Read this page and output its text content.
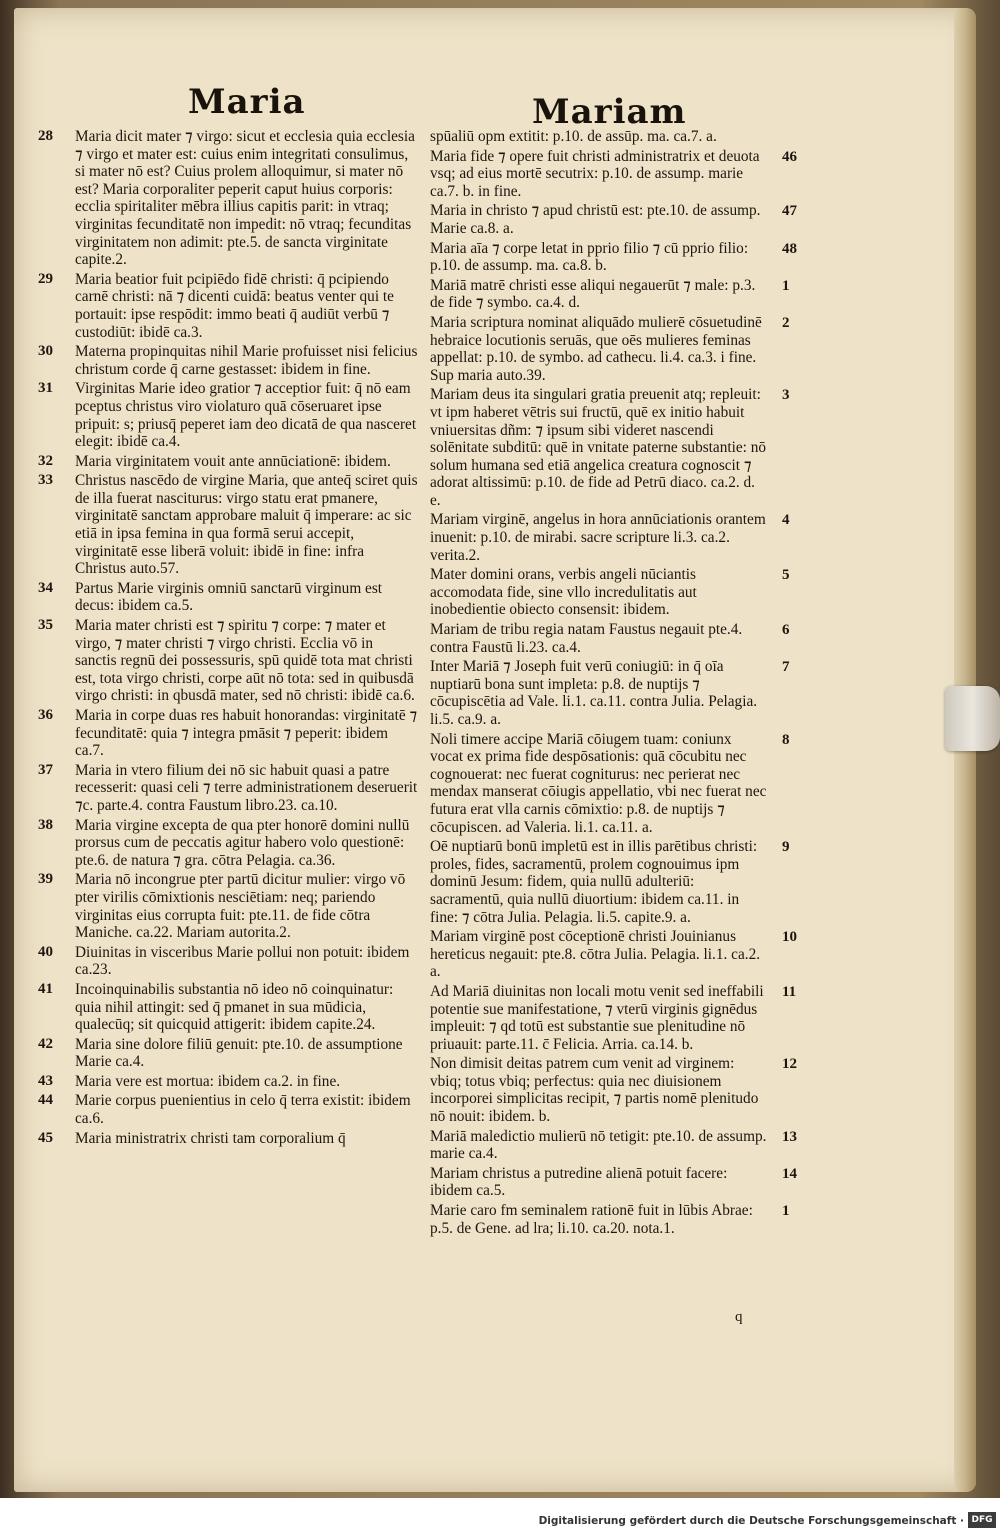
Maria	Mariam
28 Maria dicit mater ⁊ virgo: sicut et ecclesia quia ecclesia ⁊ virgo et mater est: cuius enim integritati consulimus, si mater nō est? Cuius prolem alloquimur, si mater nō est? Maria corporaliter peperit caput huius corporis: ecclia spiritaliter mēbra illius capitis parit: in vtraq; virginitas fecunditatē non impedit: nō vtraq; fecunditas virginitatem non adimit: pte.5. de sancta virginitate capite.2.
29 Maria beatior fuit pcipiēdo fidē christi: q̄ pcipiendo carnē christi: nā ⁊ dicenti cuidā: beatus venter qui te portauit: ipse respōdit: immo beati q̄ audiūt verbū ⁊ custodiūt: ibidē ca.3.
30 Materna propinquitas nihil Marie profuisset nisi felicius christum corde q̄ carne gestasset: ibidem in fine.
31 Virginitas Marie ideo gratior ⁊ acceptior fuit: q̄ nō eam pceptus christus viro violaturo quā cōseruaret ipse pripuit: s; priusq̄ peperet iam deo dicatā de qua nasceret elegit: ibidē ca.4.
32 Maria virginitatem vouit ante annūciationē: ibidem.
33 Christus nascēdo de virgine Maria, que anteq̄ sciret quis de illa fuerat nasciturus: virgo statu erat pmanere, virginitatē sanctam approbare maluit q̄ imperare: ac sic etiā in ipsa femina in qua formā serui accepit, virginitatē esse liberā voluit: ibidē in fine: infra Christus auto.57.
34 Partus Marie virginis omniū sanctarū virginum est decus: ibidem ca.5.
35 Maria mater christi est ⁊ spiritu ⁊ corpe: ⁊ mater et virgo, ⁊ mater christi ⁊ virgo christi. Ecclia vō in sanctis regnū dei possessuris, spū quidē tota mat christi est, tota virgo christi, corpe aūt nō tota: sed in quibusdā virgo christi: in qbusdā mater, sed nō christi: ibidē ca.6.
36 Maria in corpe duas res habuit honorandas: virginitatē ⁊ fecunditatē: quia ⁊ integra pmāsit ⁊ peperit: ibidem ca.7.
37 Maria in vtero filium dei nō sic habuit quasi a patre recesserit: quasi celi ⁊ terre administrationem deseruerit ⁊c. parte.4. contra Faustum libro.23. ca.10.
38 Maria virgine excepta de qua pter honorē domini nullū prorsus cum de peccatis agitur habero volo questionē: pte.6. de natura ⁊ gra. cōtra Pelagia. ca.36.
39 Maria nō incongrue pter partū dicitur mulier: virgo vō pter virilis cōmixtionis nesciētiam: neq; pariendo virginitas eius corrupta fuit: pte.11. de fide cōtra Maniche. ca.22. Mariam autorita.2.
40 Diuinitas in visceribus Marie pollui non potuit: ibidem ca.23.
41 Incoinquinabilis substantia nō ideo nō coinquinatur: quia nihil attingit: sed q̄ pmanet in sua mūdicia, qualecūq; sit quicquid attigerit: ibidem capite.24.
42 Maria sine dolore filiū genuit: pte.10. de assumptione Marie ca.4.
43 Maria vere est mortua: ibidem ca.2. in fine.
44 Marie corpus puenientius in celo q̄ terra existit: ibidem ca.6.
45 Maria ministratrix christi tam corporalium q̄
spūaliū opm extitit: p.10. de assūp. ma. ca.7. a.
46
Maria fide ⁊ opere fuit christi administratrix et deuota vsq; ad eius mortē secutrix: p.10. de assump. marie ca.7. b. in fine.
47
Maria in christo ⁊ apud christū est: pte.10. de assump. Marie ca.8. a.
48
Maria aīa ⁊ corpe letat in pprio filio ⁊ cū pprio filio: p.10. de assump. ma. ca.8. b.
1
Mariā matrē christi esse aliqui negauerūt ⁊ male: p.3. de fide ⁊ symbo. ca.4. d.
2
Maria scriptura nominat aliquādo mulierē cōsuetudinē hebraice locutionis seruās, que oēs mulieres feminas appellat: p.10. de symbo. ad cathecu. li.4. ca.3. i fine. Sup maria auto.39.
3
Mariam deus ita singulari gratia preuenit atq; repleuit: vt ipm haberet vētris sui fructū, quē ex initio habuit vniuersitas dñm: ⁊ ipsum sibi videret nascendi solēnitate subditū: quē in vnitate paterne substantie: nō solum humana sed etiā angelica creatura cognoscit ⁊ adorat altissimū: p.10. de fide ad Petrū diaco. ca.2. d. e.
4
Mariam virginē, angelus in hora annūciationis orantem inuenit: p.10. de mirabi. sacre scripture li.3. ca.2. verita.2.
5
Mater domini orans, verbis angeli nūciantis accomodata fide, sine vllo incredulitatis aut inobedientie obiecto consensit: ibidem.
6
Mariam de tribu regia natam Faustus negauit pte.4. contra Faustū li.23. ca.4.
7
Inter Mariā ⁊ Joseph fuit verū coniugiū: in q̄ oīa nuptiarū bona sunt impleta: p.8. de nuptijs ⁊ cōcupiscētia ad Vale. li.1. ca.11. contra Julia. Pelagia. li.5. ca.9. a.
8
Noli timere accipe Mariā cōiugem tuam: coniunx vocat ex prima fide despōsationis: quā cōcubitu nec cognouerat: nec fuerat cogniturus: nec perierat nec mendax manserat cōiugis appellatio, vbi nec fuerat nec futura erat vlla carnis cōmixtio: p.8. de nuptijs ⁊ cōcupiscen. ad Valeria. li.1. ca.11. a.
9
Oē nuptiarū bonū impletū est in illis parētibus christi: proles, fides, sacramentū, prolem cognouimus ipm dominū Jesum: fidem, quia nullū adulteriū: sacramentū, quia nullū diuortium: ibidem ca.11. in fine: ⁊ cōtra Julia. Pelagia. li.5. capite.9. a.
10
Mariam virginē post cōceptionē christi Jouinianus hereticus negauit: pte.8. cōtra Julia. Pelagia. li.1. ca.2. a.
11
Ad Mariā diuinitas non locali motu venit sed ineffabili potentie sue manifestatione, ⁊ vterū virginis gignēdus impleuit: ⁊ qd totū est substantie sue plenitudine nō priuauit: parte.11. c̄ Felicia. Arria. ca.14. b.
12
Non dimisit deitas patrem cum venit ad virginem: vbiq; totus vbiq; perfectus: quia nec diuisionem incorporei simplicitas recipit, ⁊ partis nomē plenitudo nō nouit: ibidem. b.
13
Mariā maledictio mulierū nō tetigit: pte.10. de assump. marie ca.4.
14
Mariam christus a putredine alienā potuit facere: ibidem ca.5.
1
Marie caro fm seminalem rationē fuit in lūbis Abrae: p.5. de Gene. ad lra; li.10. ca.20. nota.1.
q
Digitalisierung gefördert durch die Deutsche Forschungsgemeinschaft · DFG
